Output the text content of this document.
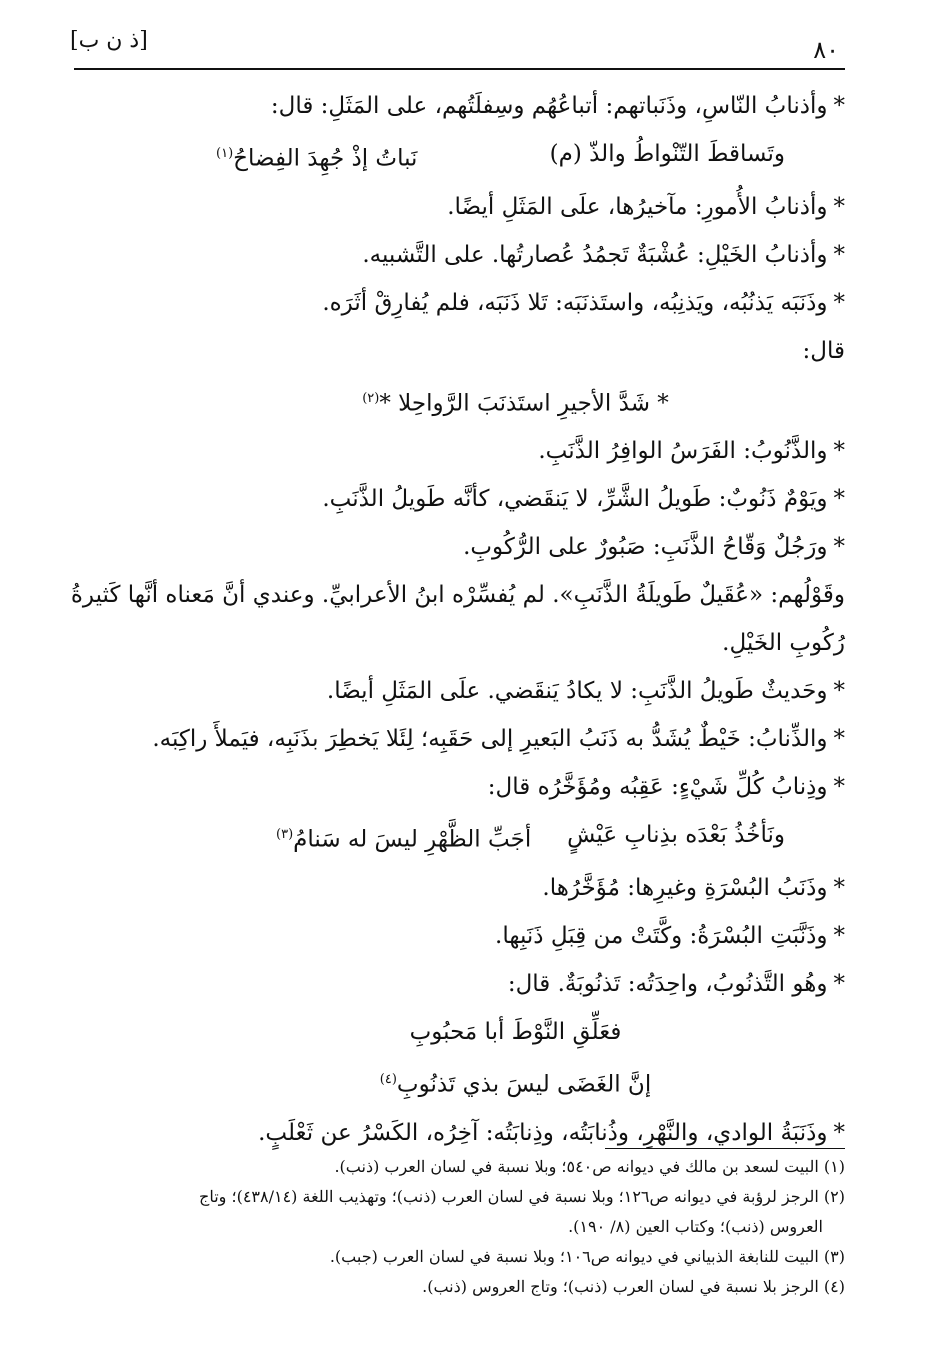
[ذ ن ب]	٨٠

*وأذنابُ النّاسِ، وذَنَباتهم: أتباعُهُم وسِفلَتُهم، على المَثَلِ: قال:

وتَساقطَ التّنْواطُ والذّ (م)
نَباتُ إذْ جُهِدَ الفِضاحُ$^{(١)}$

*وأذنابُ الأُمورِ: مآخيرُها، علَى المَثَلِ أيضًا.

*وأذنابُ الخَيْلِ: عُشْبَةٌ تَجمُدُ عُصارتُها. على التَّشبيه.

*وذَنَبَه يَذنُبُه، ويَذنِبُه، واستَذنَبَه: تَلا ذَنَبَه، فلم يُفارِقْ أثَرَه.

قال:

* شَدَّ الأجيرِ استَذنَبَ الرَّواحِلا *$^{(٢)}$

*والذَّنُوبُ: الفَرَسُ الوافِرُ الذَّنَبِ.

*ويَوْمٌ ذَنُوبٌ: طَويلُ الشَّرِّ، لا يَنقَضي، كأنَّه طَويلُ الذَّنَبِ.

*ورَجُلٌ وَقّاحُ الذَّنَبِ: صَبُورٌ على الرُّكُوبِ.

وقَوْلُهم: «عُقَيلٌ طَويلَةُ الذَّنَبِ». لم يُفسِّرْه ابنُ الأعرابيِّ. وعندي أنَّ مَعناه أنَّها كَثيرةُ

رُكُوبِ الخَيْلِ.

*وحَديثٌ طَويلُ الذَّنَبِ: لا يكادُ يَنقَضي. علَى المَثَلِ أيضًا.

*والذِّنابُ: خَيْطٌ يُشَدُّ به ذَنَبُ البَعيرِ إلى حَقَبِه؛ لِئَلا يَخطِرَ بذَنَبِه، فيَملأَ راكِبَه.

*وذِنابُ كُلِّ شَيْءٍ: عَقِبُه ومُؤَخَّرُه قال:

ونَأخُذُ بَعْدَه بذِنابِ عَيْشٍ
أجَبِّ الظَّهْرِ ليسَ له سَنامُ$^{(٣)}$

*وذَنَبُ البُسْرَةِ وغيرِها: مُؤَخَّرُها.

*وذَنَّبَتِ البُسْرَةُ: وكَّتَتْ من قِبَلِ ذَنَبِها.

*وهُو التَّذنُوبُ، واحِدَتُه: تَذنُوبَةٌ. قال:

فعَلِّقِ النَّوْطَ أبا مَحبُوبِ

إنَّ الغَضَى ليسَ بذي تَذنُوبِ$^{(٤)}$

*وذَنَبَةُ الوادي، والنَّهْرِ، وذُنابَتُه، وذِنابَتُه: آخِرُه، الكَسْرُ عن ثَعْلَبٍ.

(١) البيت لسعد بن مالك في ديوانه ص٥٤٠؛ وبلا نسبة في لسان العرب (ذنب).

(٢) الرجز لرؤبة في ديوانه ص١٢٦؛ وبلا نسبة في لسان العرب (ذنب)؛ وتهذيب اللغة (٤٣٨/١٤)؛ وتاج

العروس (ذنب)؛ وكتاب العين (٨/ ١٩٠).

(٣) البيت للنابغة الذبياني في ديوانه ص١٠٦؛ وبلا نسبة في لسان العرب (جبب).

(٤) الرجز بلا نسبة في لسان العرب (ذنب)؛ وتاج العروس (ذنب).
